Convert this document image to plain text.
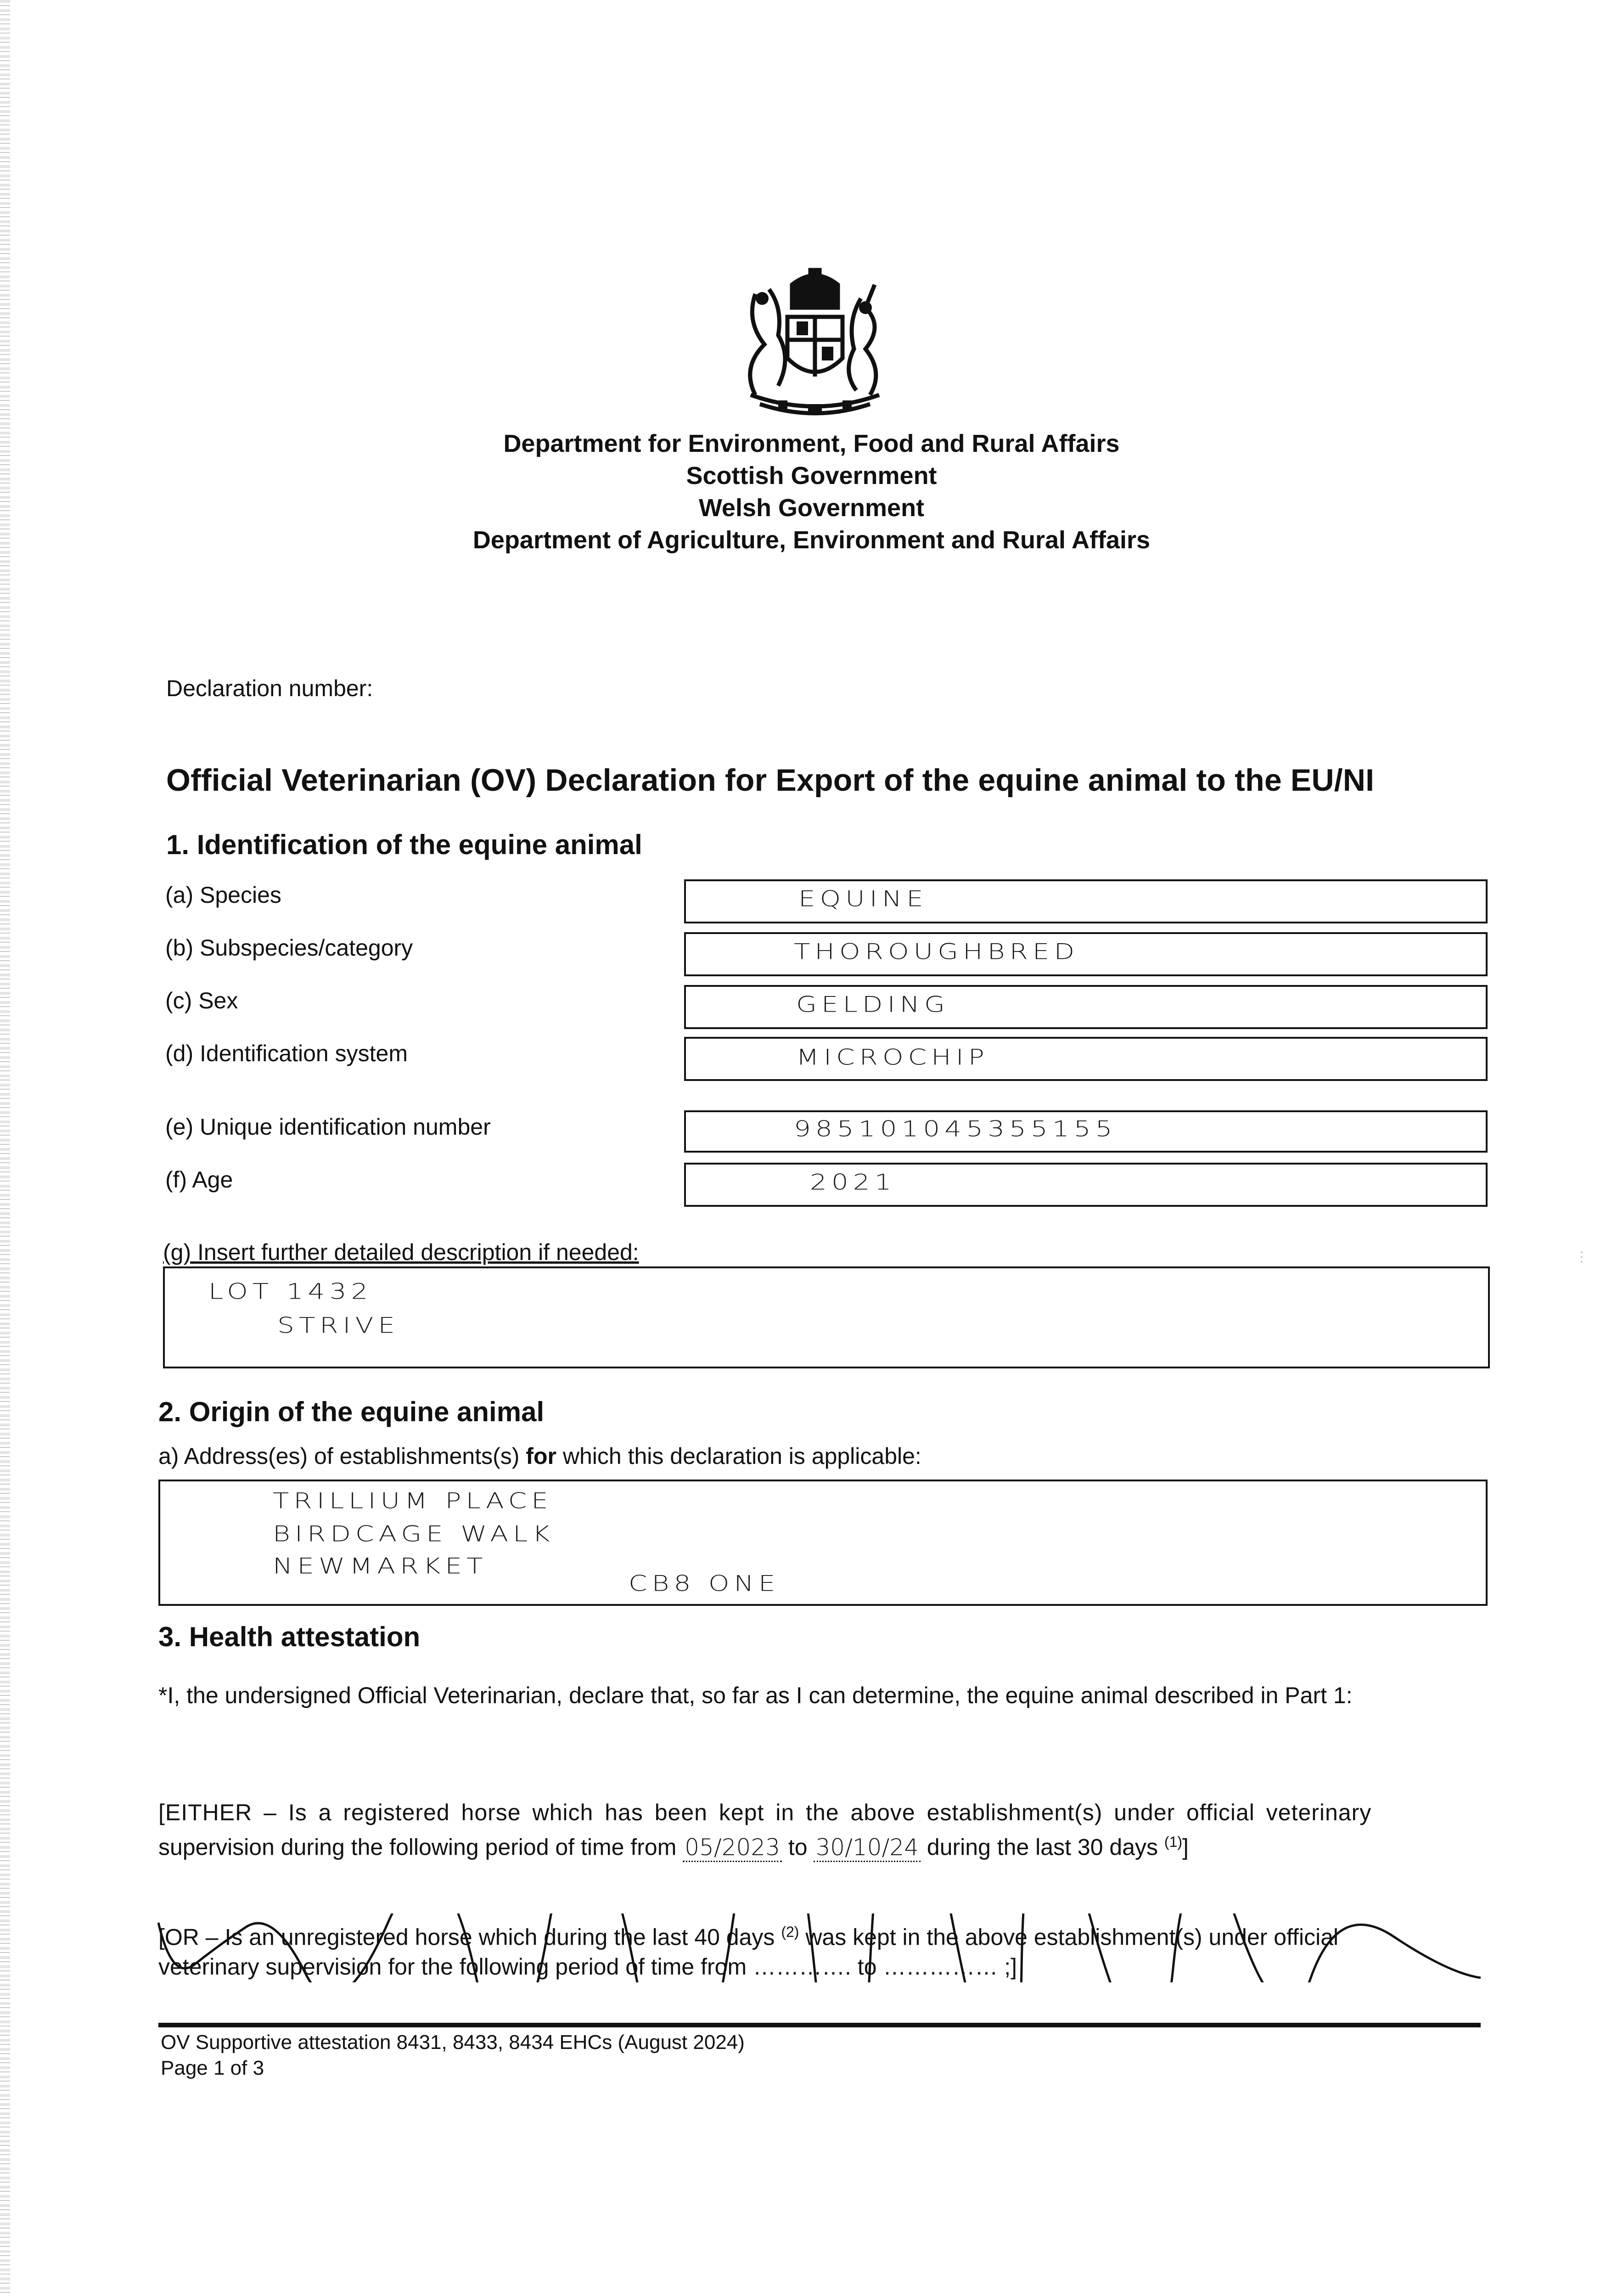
Department for Environment, Food and Rural Affairs
Scottish Government
Welsh Government
Department of Agriculture, Environment and Rural Affairs
Declaration number:
Official Veterinarian (OV) Declaration for Export of the equine animal to the EU/NI
1. Identification of the equine animal
(a) Species	EQUINE
(b) Subspecies/category	THOROUGHBRED
(c) Sex	GELDING
(d) Identification system	MICROCHIP
(e) Unique identification number	985101045355155
(f) Age	2021
(g) Insert further detailed description if needed:
LOT 1432
STRIVE
2. Origin of the equine animal
a) Address(es) of establishments(s) for which this declaration is applicable:
TRILLIUM PLACE
BIRDCAGE WALK
NEWMARKET
CB8 ONE
3. Health attestation
*I, the undersigned Official Veterinarian, declare that, so far as I can determine, the equine animal described in Part 1:
[EITHER – Is a registered horse which has been kept in the above establishment(s) under official veterinary
supervision during the following period of time from 05/2023 to 30/10/24 during the last 30 days $^{(1)}$]
[OR – Is an unregistered horse which during the last 40 days $^{(2)}$ was kept in the above establishment(s) under official
veterinary supervision for the following period of time from …………. to …………… ;]
OV Supportive attestation 8431, 8433, 8434 EHCs (August 2024)
Page 1 of 3
⋮
